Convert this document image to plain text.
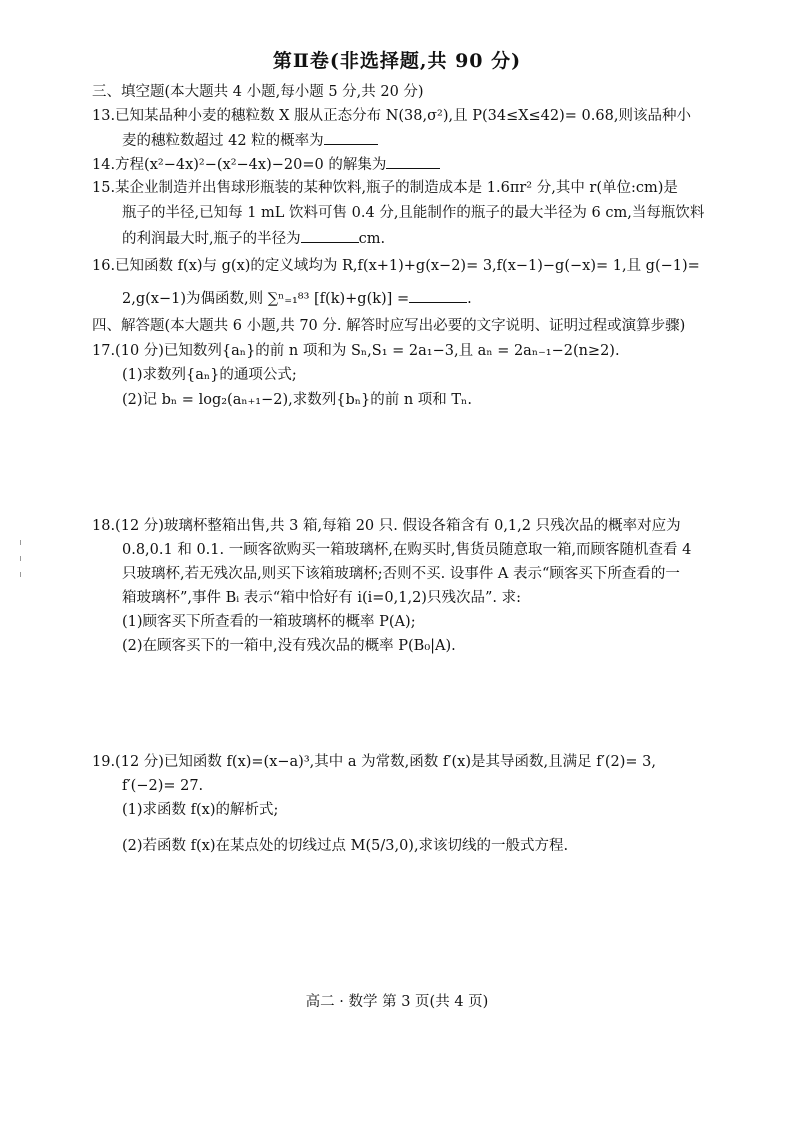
第Ⅱ卷(非选择题,共 90 分)
三、填空题(本大题共 4 小题,每小题 5 分,共 20 分)
13.已知某品种小麦的穗粒数 X 服从正态分布 N(38,σ²),且 P(34≤X≤42)= 0.68,则该品种小
麦的穗粒数超过 42 粒的概率为
14.方程(x²−4x)²−(x²−4x)−20=0 的解集为
15.某企业制造并出售球形瓶装的某种饮料,瓶子的制造成本是 1.6πr² 分,其中 r(单位:cm)是
瓶子的半径,已知每 1 mL 饮料可售 0.4 分,且能制作的瓶子的最大半径为 6 cm,当每瓶饮料
的利润最大时,瓶子的半径为	cm.
16.已知函数 f(x)与 g(x)的定义域均为 R,f(x+1)+g(x−2)= 3,f(x−1)−g(−x)= 1,且 g(−1)=
2,g(x−1)为偶函数,则 ∑ⁿ₌₁⁸³ [f(k)+g(k)] =	.
四、解答题(本大题共 6 小题,共 70 分. 解答时应写出必要的文字说明、证明过程或演算步骤)
17.(10 分)已知数列{aₙ}的前 n 项和为 Sₙ,S₁ = 2a₁−3,且 aₙ = 2aₙ₋₁−2(n≥2).
(1)求数列{aₙ}的通项公式;
(2)记 bₙ = log₂(aₙ₊₁−2),求数列{bₙ}的前 n 项和 Tₙ.
18.(12 分)玻璃杯整箱出售,共 3 箱,每箱 20 只. 假设各箱含有 0,1,2 只残次品的概率对应为
0.8,0.1 和 0.1. 一顾客欲购买一箱玻璃杯,在购买时,售货员随意取一箱,而顾客随机查看 4
只玻璃杯,若无残次品,则买下该箱玻璃杯;否则不买. 设事件 A 表示“顾客买下所查看的一
箱玻璃杯”,事件 Bᵢ 表示“箱中恰好有 i(i=0,1,2)只残次品”. 求:
(1)顾客买下所查看的一箱玻璃杯的概率 P(A);
(2)在顾客买下的一箱中,没有残次品的概率 P(B₀|A).
19.(12 分)已知函数 f(x)=(x−a)³,其中 a 为常数,函数 f′(x)是其导函数,且满足 f′(2)= 3,
f′(−2)= 27.
(1)求函数 f(x)的解析式;
(2)若函数 f(x)在某点处的切线过点 M(5/3,0),求该切线的一般式方程.
高二 · 数学 第 3 页(共 4 页)
